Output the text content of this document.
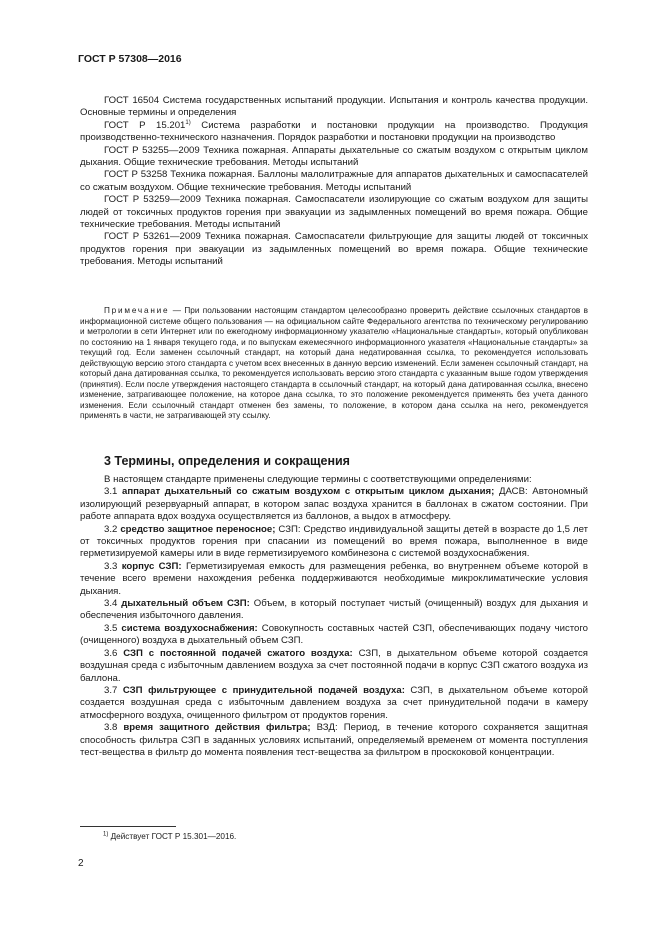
ГОСТ Р 57308—2016

ГОСТ 16504 Система государственных испытаний продукции. Испытания и контроль качества продукции. Основные термины и определения

ГОСТ Р 15.201$^{1)}$ Система разработки и постановки продукции на производство. Продукция производственно-технического назначения. Порядок разработки и постановки продукции на производство

ГОСТ Р 53255—2009 Техника пожарная. Аппараты дыхательные со сжатым воздухом с открытым циклом дыхания. Общие технические требования. Методы испытаний

ГОСТ Р 53258 Техника пожарная. Баллоны малолитражные для аппаратов дыхательных и самоспасателей со сжатым воздухом. Общие технические требования. Методы испытаний

ГОСТ Р 53259—2009 Техника пожарная. Самоспасатели изолирующие со сжатым воздухом для защиты людей от токсичных продуктов горения при эвакуации из задымленных помещений во время пожара. Общие технические требования. Методы испытаний

ГОСТ Р 53261—2009 Техника пожарная. Самоспасатели фильтрующие для защиты людей от токсичных продуктов горения при эвакуации из задымленных помещений во время пожара. Общие технические требования. Методы испытаний

Примечание — При пользовании настоящим стандартом целесообразно проверить действие ссылочных стандартов в информационной системе общего пользования — на официальном сайте Федерального агентства по техническому регулированию и метрологии в сети Интернет или по ежегодному информационному указателю «Национальные стандарты», который опубликован по состоянию на 1 января текущего года, и по выпускам ежемесячного информационного указателя «Национальные стандарты» за текущий год. Если заменен ссылочный стандарт, на который дана недатированная ссылка, то рекомендуется использовать действующую версию этого стандарта с учетом всех внесенных в данную версию изменений. Если заменен ссылочный стандарт, на который дана датированная ссылка, то рекомендуется использовать версию этого стандарта с указанным выше годом утверждения (принятия). Если после утверждения настоящего стандарта в ссылочный стандарт, на который дана датированная ссылка, внесено изменение, затрагивающее положение, на которое дана ссылка, то это положение рекомендуется применять без учета данного изменения. Если ссылочный стандарт отменен без замены, то положение, в котором дана ссылка на него, рекомендуется применять в части, не затрагивающей эту ссылку.

3 Термины, определения и сокращения

В настоящем стандарте применены следующие термины с соответствующими определениями:

3.1 аппарат дыхательный со сжатым воздухом с открытым циклом дыхания; ДАСВ: Автономный изолирующий резервуарный аппарат, в котором запас воздуха хранится в баллонах в сжатом состоянии. При работе аппарата вдох воздуха осуществляется из баллонов, а выдох в атмосферу.

3.2 средство защитное переносное; СЗП: Средство индивидуальной защиты детей в возрасте до 1,5 лет от токсичных продуктов горения при спасании из помещений во время пожара, выполненное в виде герметизируемой камеры или в виде герметизируемого комбинезона с системой воздухоснабжения.

3.3 корпус СЗП: Герметизируемая емкость для размещения ребенка, во внутреннем объеме которой в течение всего времени нахождения ребенка поддерживаются необходимые микроклиматические условия дыхания.

3.4 дыхательный объем СЗП: Объем, в который поступает чистый (очищенный) воздух для дыхания и обеспечения избыточного давления.

3.5 система воздухоснабжения: Совокупность составных частей СЗП, обеспечивающих подачу чистого (очищенного) воздуха в дыхательный объем СЗП.

3.6 СЗП с постоянной подачей сжатого воздуха: СЗП, в дыхательном объеме которой создается воздушная среда с избыточным давлением воздуха за счет постоянной подачи в корпус СЗП сжатого воздуха из баллона.

3.7 СЗП фильтрующее с принудительной подачей воздуха: СЗП, в дыхательном объеме которой создается воздушная среда с избыточным давлением воздуха за счет принудительной подачи в камеру атмосферного воздуха, очищенного фильтром от продуктов горения.

3.8 время защитного действия фильтра; ВЗД: Период, в течение которого сохраняется защитная способность фильтра СЗП в заданных условиях испытаний, определяемый временем от момента поступления тест-вещества в фильтр до момента появления тест-вещества за фильтром в проскоковой концентрации.

$^{1)}$ Действует ГОСТ Р 15.301—2016.
2
